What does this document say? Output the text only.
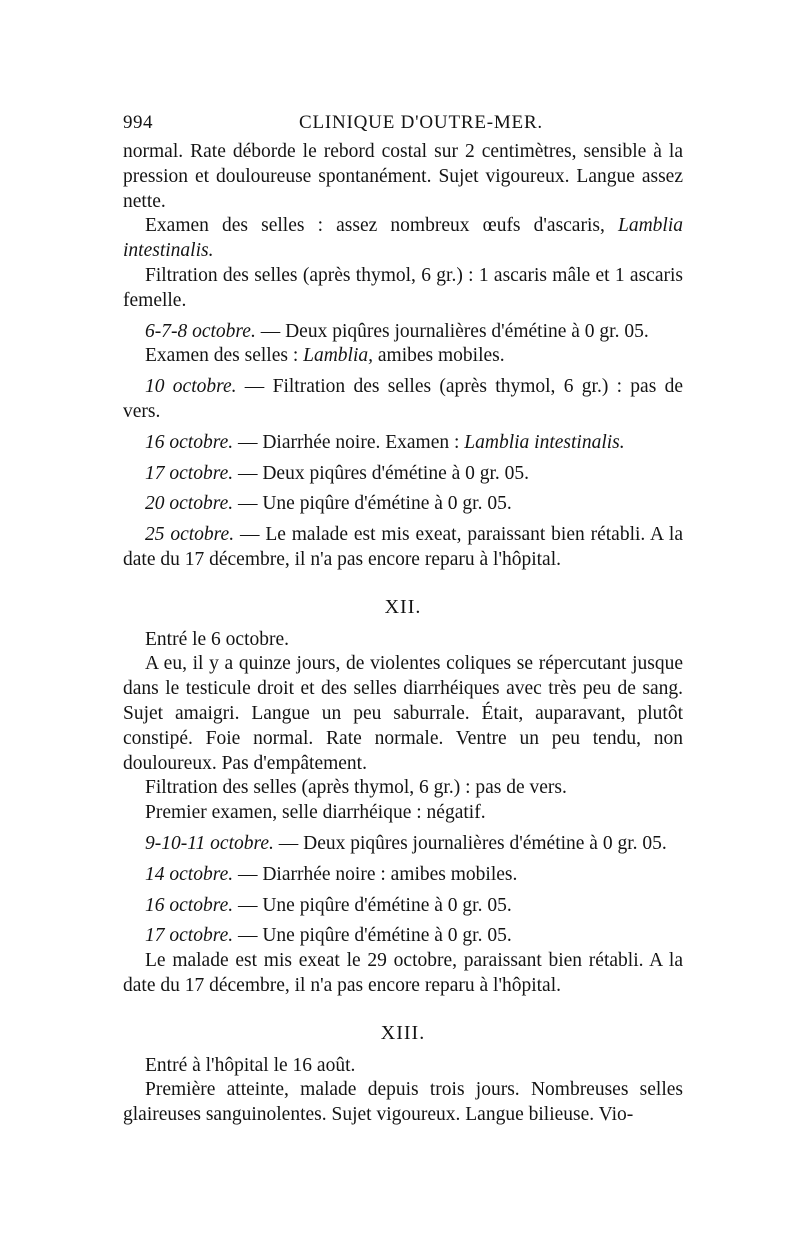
994	CLINIQUE D'OUTRE-MER.

normal. Rate déborde le rebord costal sur 2 centimètres, sensible à la pression et douloureuse spontanément. Sujet vigoureux. Langue assez nette.

Examen des selles : assez nombreux œufs d'ascaris, Lamblia intestinalis.

Filtration des selles (après thymol, 6 gr.) : 1 ascaris mâle et 1 ascaris femelle.

6-7-8 octobre. — Deux piqûres journalières d'émétine à 0 gr. 05.

Examen des selles : Lamblia, amibes mobiles.

10 octobre. — Filtration des selles (après thymol, 6 gr.) : pas de vers.

16 octobre. — Diarrhée noire. Examen : Lamblia intestinalis.

17 octobre. — Deux piqûres d'émétine à 0 gr. 05.

20 octobre. — Une piqûre d'émétine à 0 gr. 05.

25 octobre. — Le malade est mis exeat, paraissant bien rétabli. A la date du 17 décembre, il n'a pas encore reparu à l'hôpital.

XII.

Entré le 6 octobre.

A eu, il y a quinze jours, de violentes coliques se répercutant jusque dans le testicule droit et des selles diarrhéiques avec très peu de sang. Sujet amaigri. Langue un peu saburrale. Était, auparavant, plutôt constipé. Foie normal. Rate normale. Ventre un peu tendu, non douloureux. Pas d'empâtement.

Filtration des selles (après thymol, 6 gr.) : pas de vers.

Premier examen, selle diarrhéique : négatif.

9-10-11 octobre. — Deux piqûres journalières d'émétine à 0 gr. 05.

14 octobre. — Diarrhée noire : amibes mobiles.

16 octobre. — Une piqûre d'émétine à 0 gr. 05.

17 octobre. — Une piqûre d'émétine à 0 gr. 05.

Le malade est mis exeat le 29 octobre, paraissant bien rétabli. A la date du 17 décembre, il n'a pas encore reparu à l'hôpital.

XIII.

Entré à l'hôpital le 16 août.

Première atteinte, malade depuis trois jours. Nombreuses selles glaireuses sanguinolentes. Sujet vigoureux. Langue bilieuse. Vio-
